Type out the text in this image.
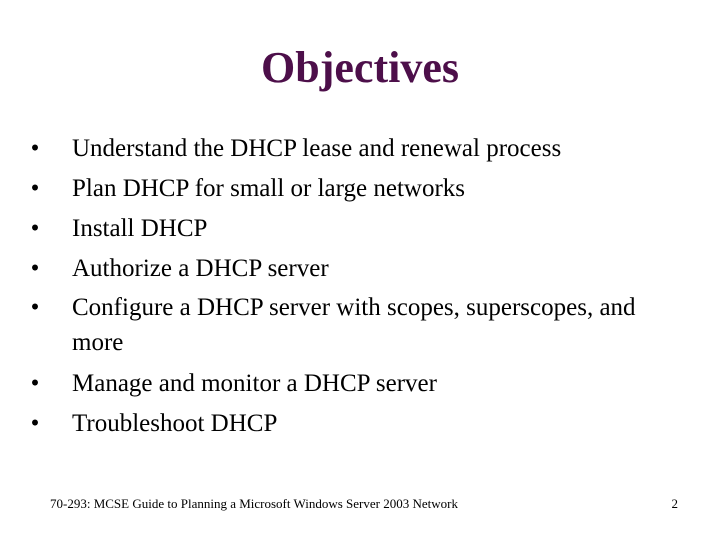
Objectives
• Understand the DHCP lease and renewal process
• Plan DHCP for small or large networks
• Install DHCP
• Authorize a DHCP server
• Configure a DHCP server with scopes, superscopes, and more
• Manage and monitor a DHCP server
• Troubleshoot DHCP
70-293: MCSE Guide to Planning a Microsoft Windows Server 2003 Network	2
